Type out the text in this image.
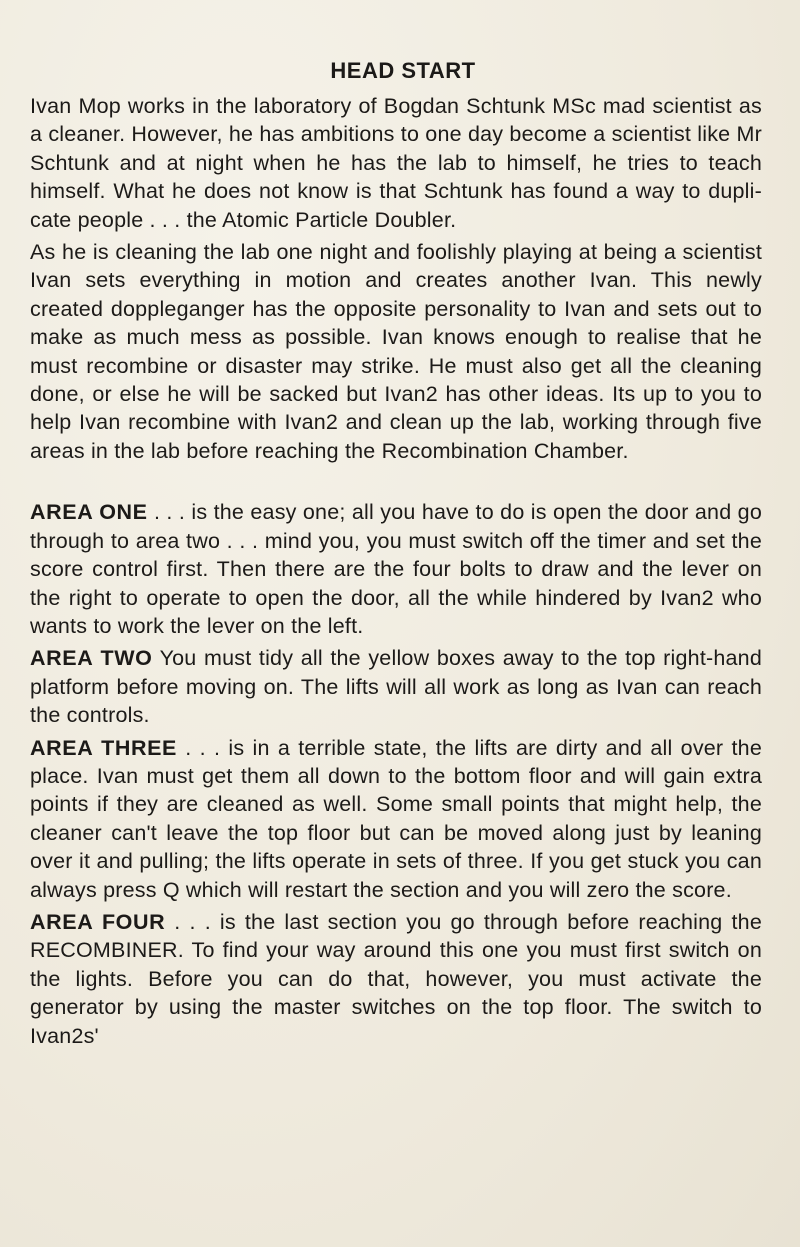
HEAD START

Ivan Mop works in the laboratory of Bogdan Schtunk MSc mad scientist as a cleaner. However, he has ambitions to one day become a scientist like Mr Schtunk and at night when he has the lab to himself, he tries to teach himself. What he does not know is that Schtunk has found a way to dupli-cate people . . . the Atomic Particle Doubler.

As he is cleaning the lab one night and foolishly playing at being a scientist Ivan sets everything in motion and creates another Ivan. This newly created doppleganger has the opposite personality to Ivan and sets out to make as much mess as possible. Ivan knows enough to realise that he must recombine or disaster may strike. He must also get all the cleaning done, or else he will be sacked but Ivan2 has other ideas. Its up to you to help Ivan recombine with Ivan2 and clean up the lab, working through five areas in the lab before reaching the Recombination Chamber.

AREA ONE . . . is the easy one; all you have to do is open the door and go through to area two . . . mind you, you must switch off the timer and set the score control first. Then there are the four bolts to draw and the lever on the right to operate to open the door, all the while hindered by Ivan2 who wants to work the lever on the left.

AREA TWO You must tidy all the yellow boxes away to the top right-hand platform before moving on. The lifts will all work as long as Ivan can reach the controls.

AREA THREE . . . is in a terrible state, the lifts are dirty and all over the place. Ivan must get them all down to the bottom floor and will gain extra points if they are cleaned as well. Some small points that might help, the cleaner can't leave the top floor but can be moved along just by leaning over it and pulling; the lifts operate in sets of three. If you get stuck you can always press Q which will restart the section and you will zero the score.

AREA FOUR . . . is the last section you go through before reaching the RECOMBINER. To find your way around this one you must first switch on the lights. Before you can do that, however, you must activate the generator by using the master switches on the top floor. The switch to Ivan2s'
